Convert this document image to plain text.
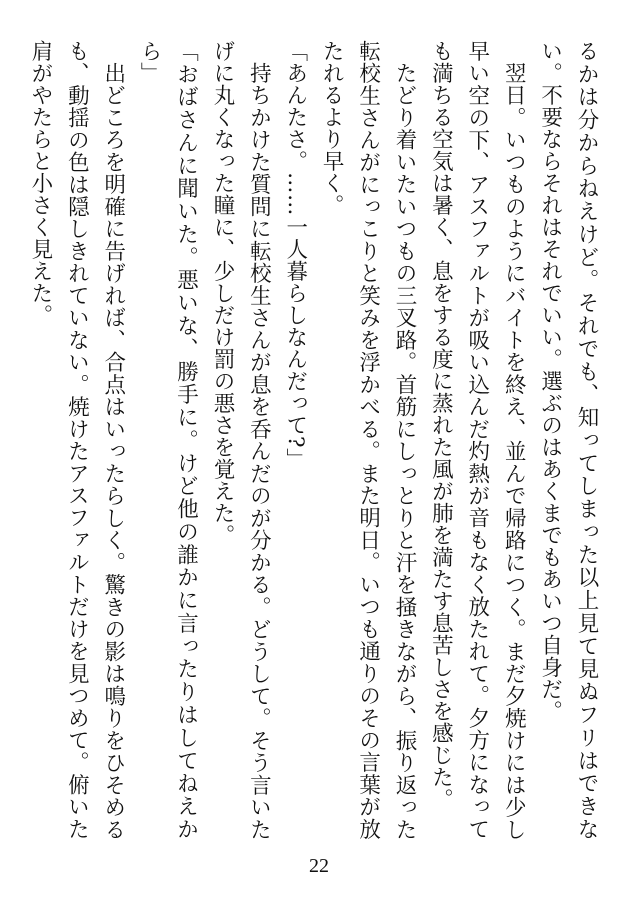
るかは分からねえけど。それでも、知ってしまった以上見て見ぬフリはできない。不要ならそれはそれでいい。選ぶのはあくまでもあいつ自身だ。

翌日。いつものようにバイトを終え、並んで帰路につく。まだ夕焼けには少し早い空の下、アスファルトが吸い込んだ灼熱が音もなく放たれて。夕方になっても満ちる空気は暑く、息をする度に蒸れた風が肺を満たす息苦しさを感じた。

たどり着いたいつもの三叉路。首筋にしっとりと汗を掻きながら、振り返った転校生さんがにっこりと笑みを浮かべる。また明日。いつも通りのその言葉が放たれるより早く。

「あんたさ。……一人暮らしなんだって?」

持ちかけた質問に転校生さんが息を呑んだのが分かる。どうして。そう言いたげに丸くなった瞳に、少しだけ罰の悪さを覚えた。

「おばさんに聞いた。悪いな、勝手に。けど他の誰かに言ったりはしてねえから」

出どころを明確に告げれば、合点はいったらしく。驚きの影は鳴りをひそめるも、動揺の色は隠しきれていない。焼けたアスファルトだけを見つめて。俯いた肩がやたらと小さく見えた。

22
